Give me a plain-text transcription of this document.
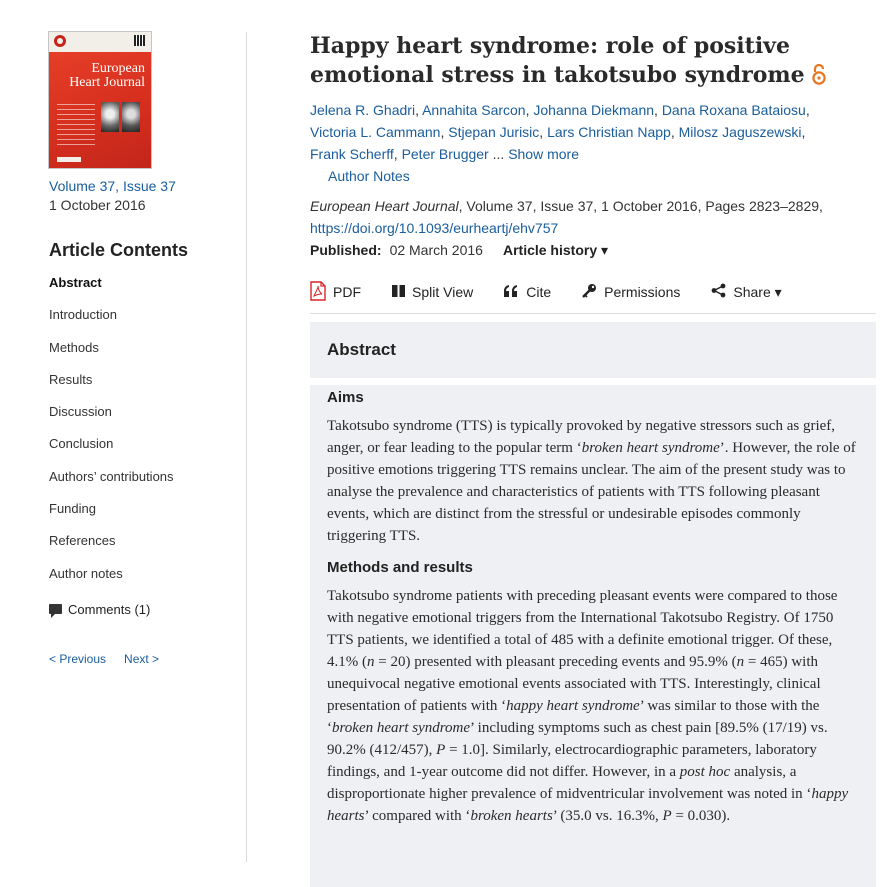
European
Heart Journal
Volume 37, Issue 37
1 October 2016
Article Contents
Abstract
Introduction
Methods
Results
Discussion
Conclusion
Authors’ contributions
Funding
References
Author notes
Comments (1)
< Previous Next >
Happy heart syndrome: role of positive emotional stress in takotsubo syndrome
Jelena R. Ghadri, Annahita Sarcon, Johanna Diekmann, Dana Roxana Bataiosu,
Victoria L. Cammann, Stjepan Jurisic, Lars Christian Napp, Milosz Jaguszewski,
Frank Scherff, Peter Brugger ... Show more
Author Notes
European Heart Journal, Volume 37, Issue 37, 1 October 2016, Pages 2823–2829,
https://doi.org/10.1093/eurheartj/ehv757
Published: 02 March 2016 Article history ▾
PDF	Split View	Cite	Permissions	Share ▾
Abstract
Aims

Takotsubo syndrome (TTS) is typically provoked by negative stressors such as grief, anger, or fear leading to the popular term ‘broken heart syndrome’. However, the role of positive emotions triggering TTS remains unclear. The aim of the present study was to analyse the prevalence and characteristics of patients with TTS following pleasant events, which are distinct from the stressful or undesirable episodes commonly triggering TTS.

Methods and results

Takotsubo syndrome patients with preceding pleasant events were compared to those with negative emotional triggers from the International Takotsubo Registry. Of 1750 TTS patients, we identified a total of 485 with a definite emotional trigger. Of these, 4.1% (n = 20) presented with pleasant preceding events and 95.9% (n = 465) with unequivocal negative emotional events associated with TTS. Interestingly, clinical presentation of patients with ‘happy heart syndrome’ was similar to those with the ‘broken heart syndrome’ including symptoms such as chest pain [89.5% (17/19) vs. 90.2% (412/457), P = 1.0]. Similarly, electrocardiographic parameters, laboratory findings, and 1-year outcome did not differ. However, in a post hoc analysis, a disproportionate higher prevalence of midventricular involvement was noted in ‘happy hearts’ compared with ‘broken hearts’ (35.0 vs. 16.3%, P = 0.030).
